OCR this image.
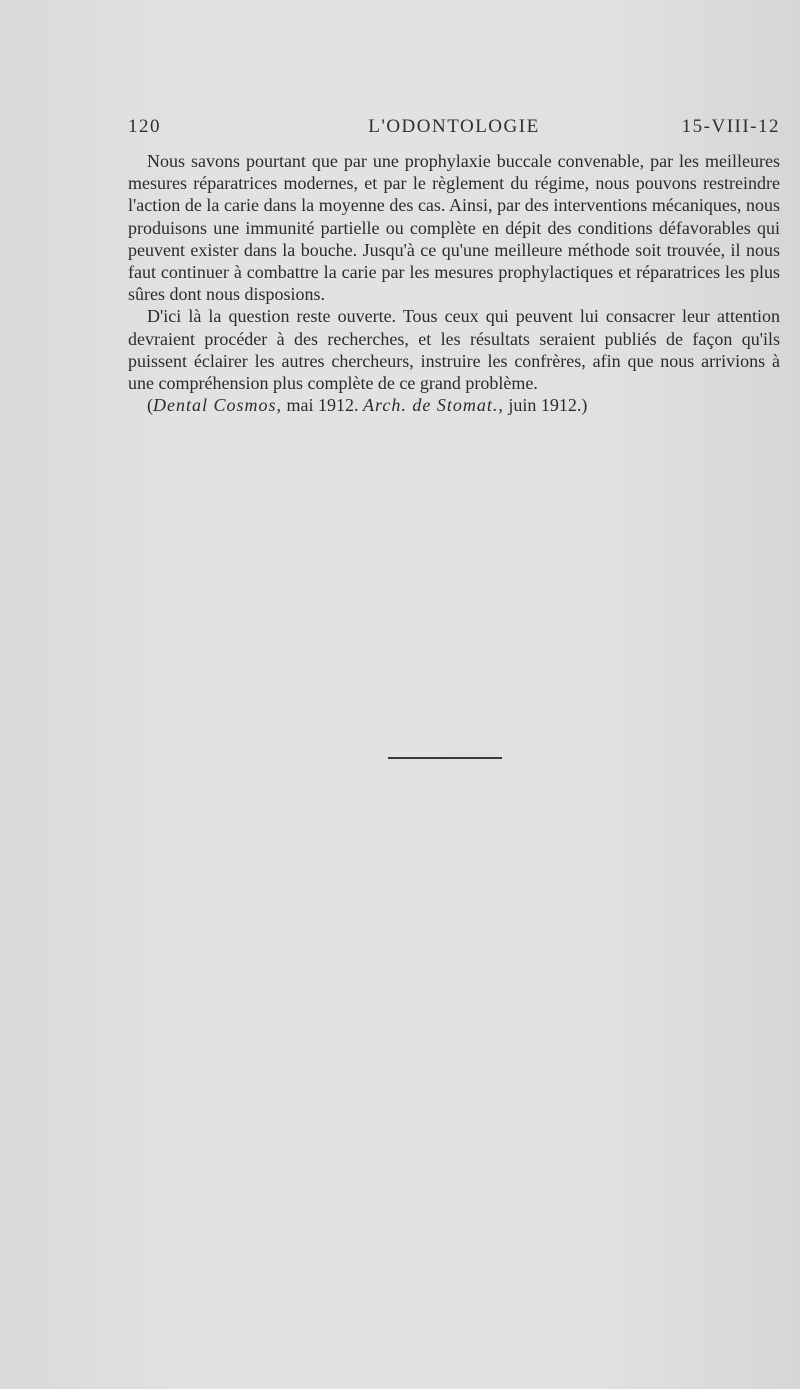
120	L'ODONTOLOGIE	15-VIII-12

Nous savons pourtant que par une prophylaxie buccale convenable, par les meilleures mesures réparatrices modernes, et par le règlement du régime, nous pouvons restreindre l'action de la carie dans la moyenne des cas. Ainsi, par des interventions mécaniques, nous produisons une immunité partielle ou complète en dépit des conditions défavorables qui peuvent exister dans la bouche. Jusqu'à ce qu'une meilleure méthode soit trouvée, il nous faut continuer à combattre la carie par les mesures prophylactiques et réparatrices les plus sûres dont nous disposions.

D'ici là la question reste ouverte. Tous ceux qui peuvent lui consacrer leur attention devraient procéder à des recherches, et les résultats seraient publiés de façon qu'ils puissent éclairer les autres chercheurs, instruire les confrères, afin que nous arrivions à une compréhension plus complète de ce grand problème.

(Dental Cosmos, mai 1912. Arch. de Stomat., juin 1912.)
